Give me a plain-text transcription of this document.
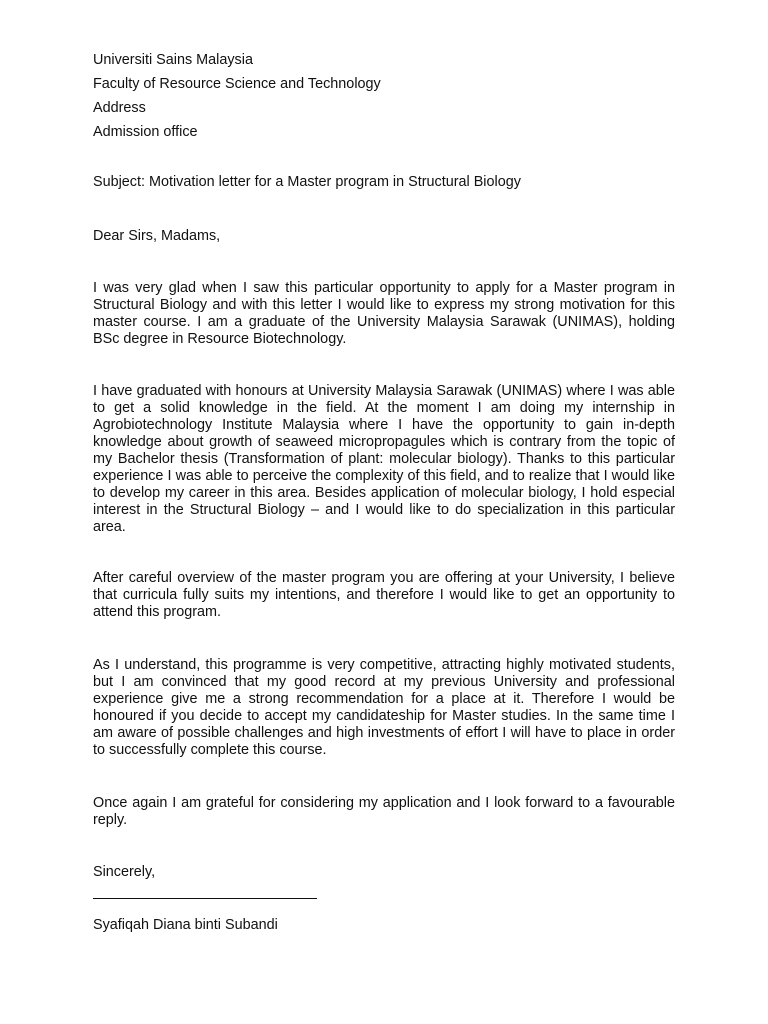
Universiti Sains Malaysia
Faculty of Resource Science and Technology
Address
Admission office
Subject: Motivation letter for a Master program in Structural Biology
Dear Sirs, Madams,

I was very glad when I saw this particular opportunity to apply for a Master program in Structural Biology and with this letter I would like to express my strong motivation for this master course. I am a graduate of the University Malaysia Sarawak (UNIMAS), holding BSc degree in Resource Biotechnology.

I have graduated with honours at University Malaysia Sarawak (UNIMAS) where I was able to get a solid knowledge in the field. At the moment I am doing my internship in Agrobiotechnology Institute Malaysia where I have the opportunity to gain in-depth knowledge about growth of seaweed micropropagules which is contrary from the topic of my Bachelor thesis (Transformation of plant: molecular biology). Thanks to this particular experience I was able to perceive the complexity of this field, and to realize that I would like to develop my career in this area. Besides application of molecular biology, I hold especial interest in the Structural Biology – and I would like to do specialization in this particular area.

After careful overview of the master program you are offering at your University, I believe that curricula fully suits my intentions, and therefore I would like to get an opportunity to attend this program.

As I understand, this programme is very competitive, attracting highly motivated students, but I am convinced that my good record at my previous University and professional experience give me a strong recommendation for a place at it. Therefore I would be honoured if you decide to accept my candidateship for Master studies. In the same time I am aware of possible challenges and high investments of effort I will have to place in order to successfully complete this course.

Once again I am grateful for considering my application and I look forward to a favourable reply.

Sincerely,
Syafiqah Diana binti Subandi
